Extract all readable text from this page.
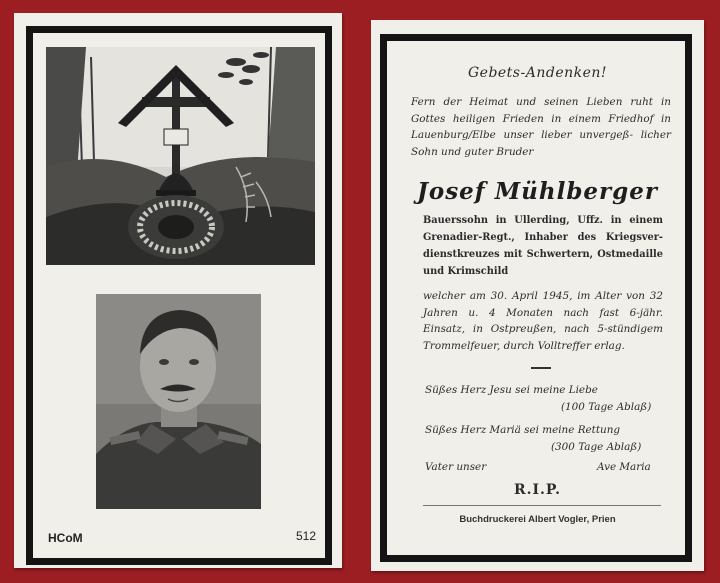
HCoM	512
Gebets-Andenken!
Fern der Heimat und seinen Lieben ruht in Gottes heiligen Frieden in einem Friedhof in Lauenburg/Elbe unser lieber unvergeß- licher Sohn und guter Bruder
Josef Mühlberger
Bauerssohn in Ullerding, Uffz. in einem Grenadier-Regt., Inhaber des Kriegsver- dienstkreuzes mit Schwertern, Ostmedaille und Krimschild
welcher am 30. April 1945, im Alter von 32 Jahren u. 4 Monaten nach fast 6-jähr. Einsatz, in Ostpreußen, nach 5-stündigem Trommelfeuer, durch Volltreffer erlag.
Süßes Herz Jesu sei meine Liebe
(100 Tage Ablaß)
Süßes Herz Mariä sei meine Rettung
(300 Tage Ablaß)
Vater unser	Ave Maria
R.I.P.
Buchdruckerei Albert Vogler, Prien
